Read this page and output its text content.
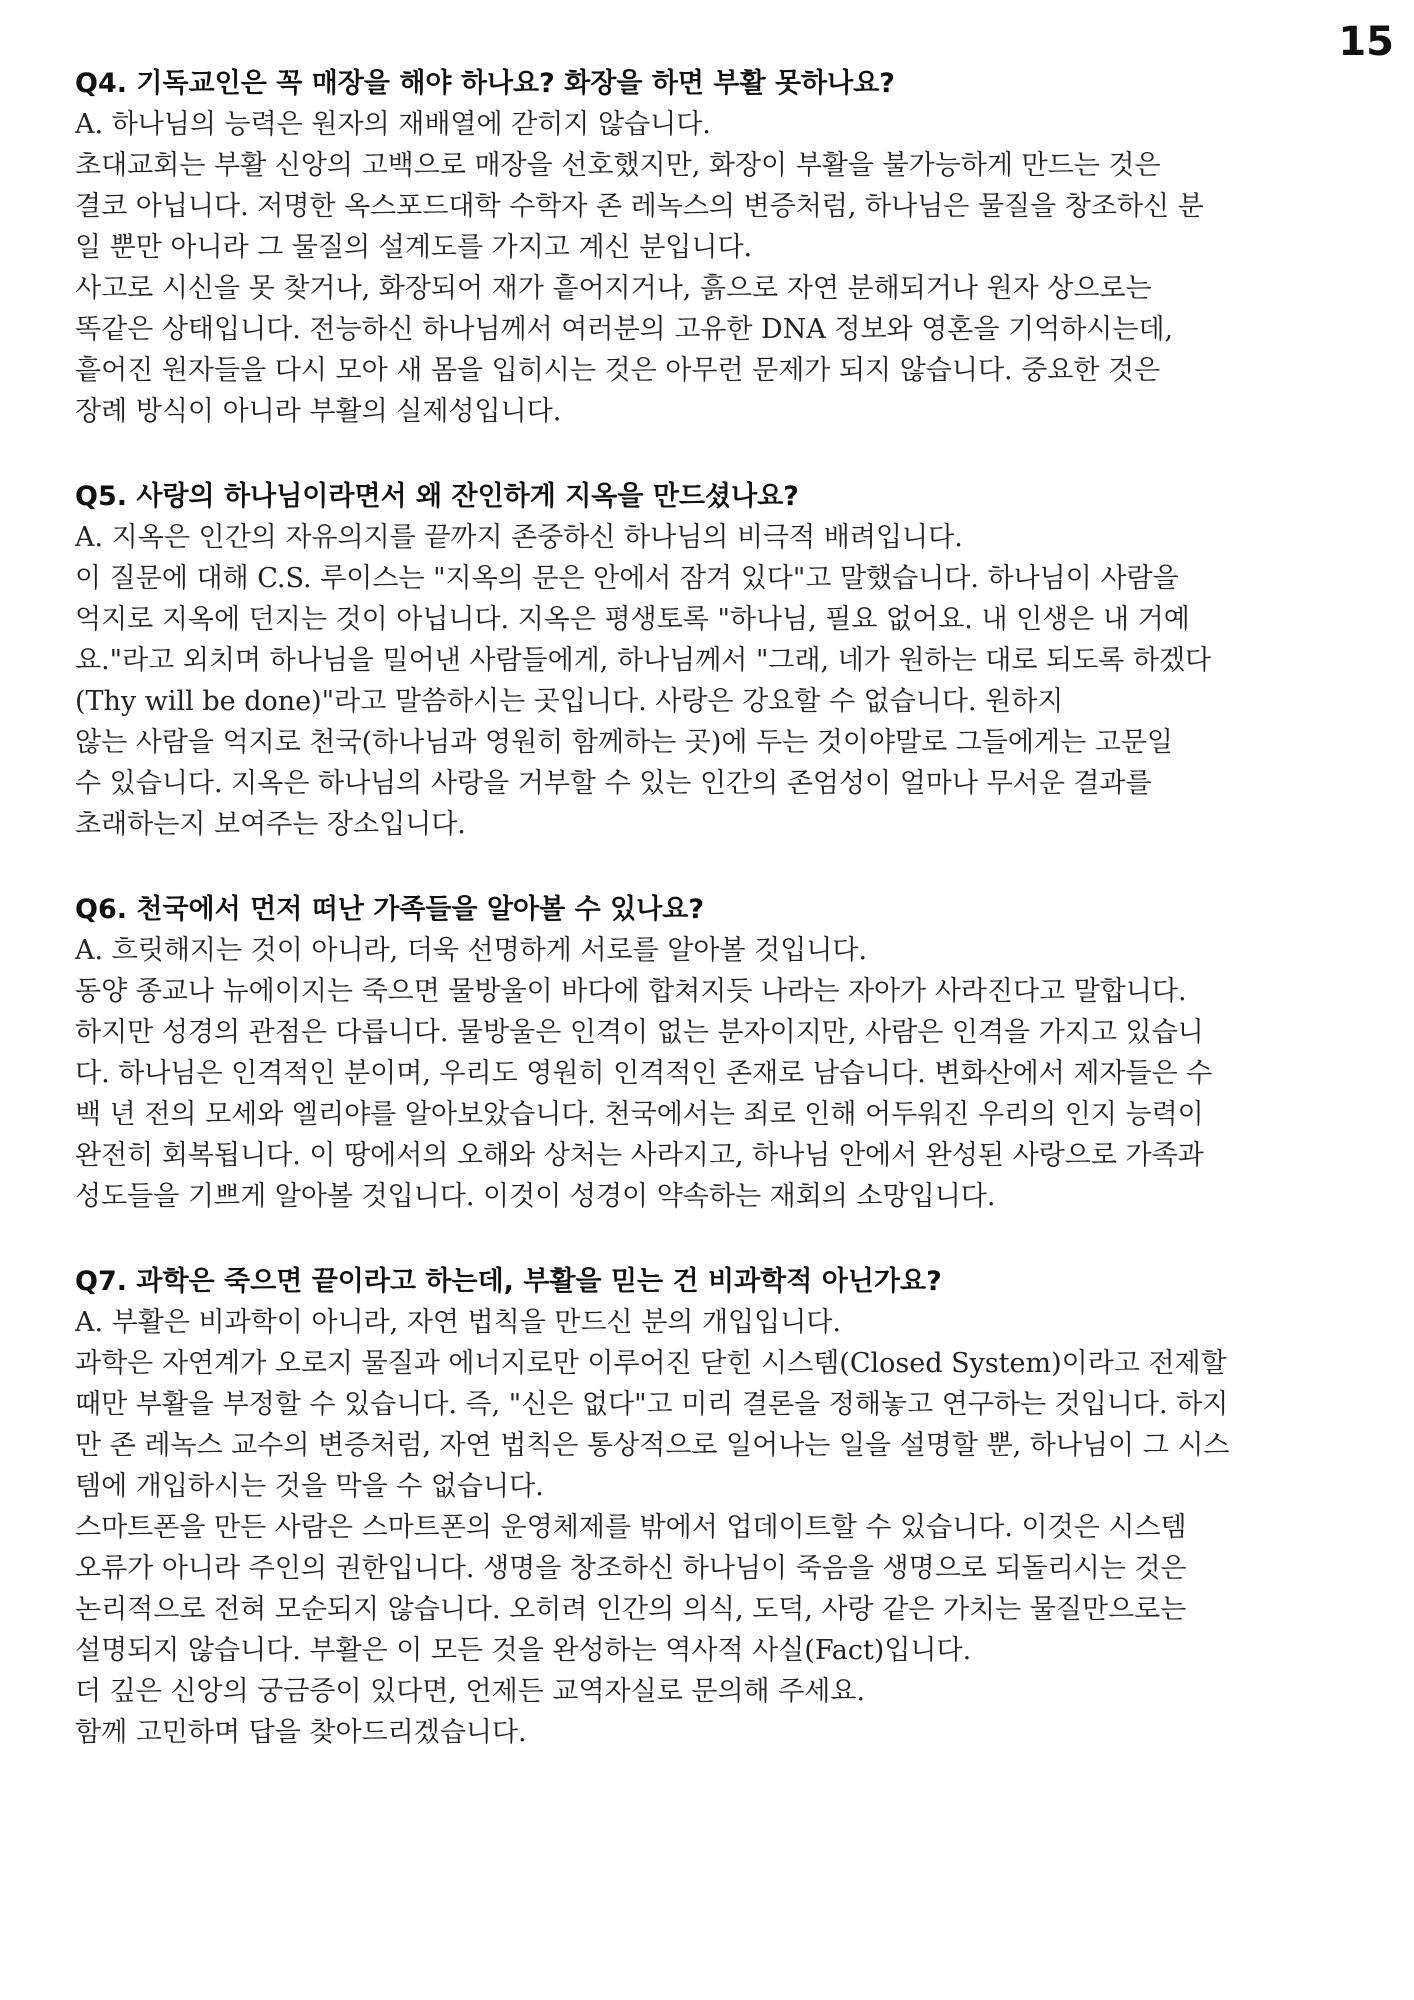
15
Q4. 기독교인은 꼭 매장을 해야 하나요? 화장을 하면 부활 못하나요?

A. 하나님의 능력은 원자의 재배열에 갇히지 않습니다.

초대교회는 부활 신앙의 고백으로 매장을 선호했지만, 화장이 부활을 불가능하게 만드는 것은

결코 아닙니다. 저명한 옥스포드대학 수학자 존 레녹스의 변증처럼, 하나님은 물질을 창조하신 분

일 뿐만 아니라 그 물질의 설계도를 가지고 계신 분입니다.

사고로 시신을 못 찾거나, 화장되어 재가 흩어지거나, 흙으로 자연 분해되거나 원자 상으로는

똑같은 상태입니다. 전능하신 하나님께서 여러분의 고유한 DNA 정보와 영혼을 기억하시는데,

흩어진 원자들을 다시 모아 새 몸을 입히시는 것은 아무런 문제가 되지 않습니다. 중요한 것은

장례 방식이 아니라 부활의 실제성입니다.

Q5. 사랑의 하나님이라면서 왜 잔인하게 지옥을 만드셨나요?

A. 지옥은 인간의 자유의지를 끝까지 존중하신 하나님의 비극적 배려입니다.

이 질문에 대해 C.S. 루이스는 "지옥의 문은 안에서 잠겨 있다"고 말했습니다. 하나님이 사람을

억지로 지옥에 던지는 것이 아닙니다. 지옥은 평생토록 "하나님, 필요 없어요. 내 인생은 내 거예

요."라고 외치며 하나님을 밀어낸 사람들에게, 하나님께서 "그래, 네가 원하는 대로 되도록 하겠다

(Thy will be done)"라고 말씀하시는 곳입니다. 사랑은 강요할 수 없습니다. 원하지

않는 사람을 억지로 천국(하나님과 영원히 함께하는 곳)에 두는 것이야말로 그들에게는 고문일

수 있습니다. 지옥은 하나님의 사랑을 거부할 수 있는 인간의 존엄성이 얼마나 무서운 결과를

초래하는지 보여주는 장소입니다.

Q6. 천국에서 먼저 떠난 가족들을 알아볼 수 있나요?

A. 흐릿해지는 것이 아니라, 더욱 선명하게 서로를 알아볼 것입니다.

동양 종교나 뉴에이지는 죽으면 물방울이 바다에 합쳐지듯 나라는 자아가 사라진다고 말합니다.

하지만 성경의 관점은 다릅니다. 물방울은 인격이 없는 분자이지만, 사람은 인격을 가지고 있습니

다. 하나님은 인격적인 분이며, 우리도 영원히 인격적인 존재로 남습니다. 변화산에서 제자들은 수

백 년 전의 모세와 엘리야를 알아보았습니다. 천국에서는 죄로 인해 어두워진 우리의 인지 능력이

완전히 회복됩니다. 이 땅에서의 오해와 상처는 사라지고, 하나님 안에서 완성된 사랑으로 가족과

성도들을 기쁘게 알아볼 것입니다. 이것이 성경이 약속하는 재회의 소망입니다.

Q7. 과학은 죽으면 끝이라고 하는데, 부활을 믿는 건 비과학적 아닌가요?

A. 부활은 비과학이 아니라, 자연 법칙을 만드신 분의 개입입니다.

과학은 자연계가 오로지 물질과 에너지로만 이루어진 닫힌 시스템(Closed System)이라고 전제할

때만 부활을 부정할 수 있습니다. 즉, "신은 없다"고 미리 결론을 정해놓고 연구하는 것입니다. 하지

만 존 레녹스 교수의 변증처럼, 자연 법칙은 통상적으로 일어나는 일을 설명할 뿐, 하나님이 그 시스

템에 개입하시는 것을 막을 수 없습니다.

스마트폰을 만든 사람은 스마트폰의 운영체제를 밖에서 업데이트할 수 있습니다. 이것은 시스템

오류가 아니라 주인의 권한입니다. 생명을 창조하신 하나님이 죽음을 생명으로 되돌리시는 것은

논리적으로 전혀 모순되지 않습니다. 오히려 인간의 의식, 도덕, 사랑 같은 가치는 물질만으로는

설명되지 않습니다. 부활은 이 모든 것을 완성하는 역사적 사실(Fact)입니다.

더 깊은 신앙의 궁금증이 있다면, 언제든 교역자실로 문의해 주세요.

함께 고민하며 답을 찾아드리겠습니다.
